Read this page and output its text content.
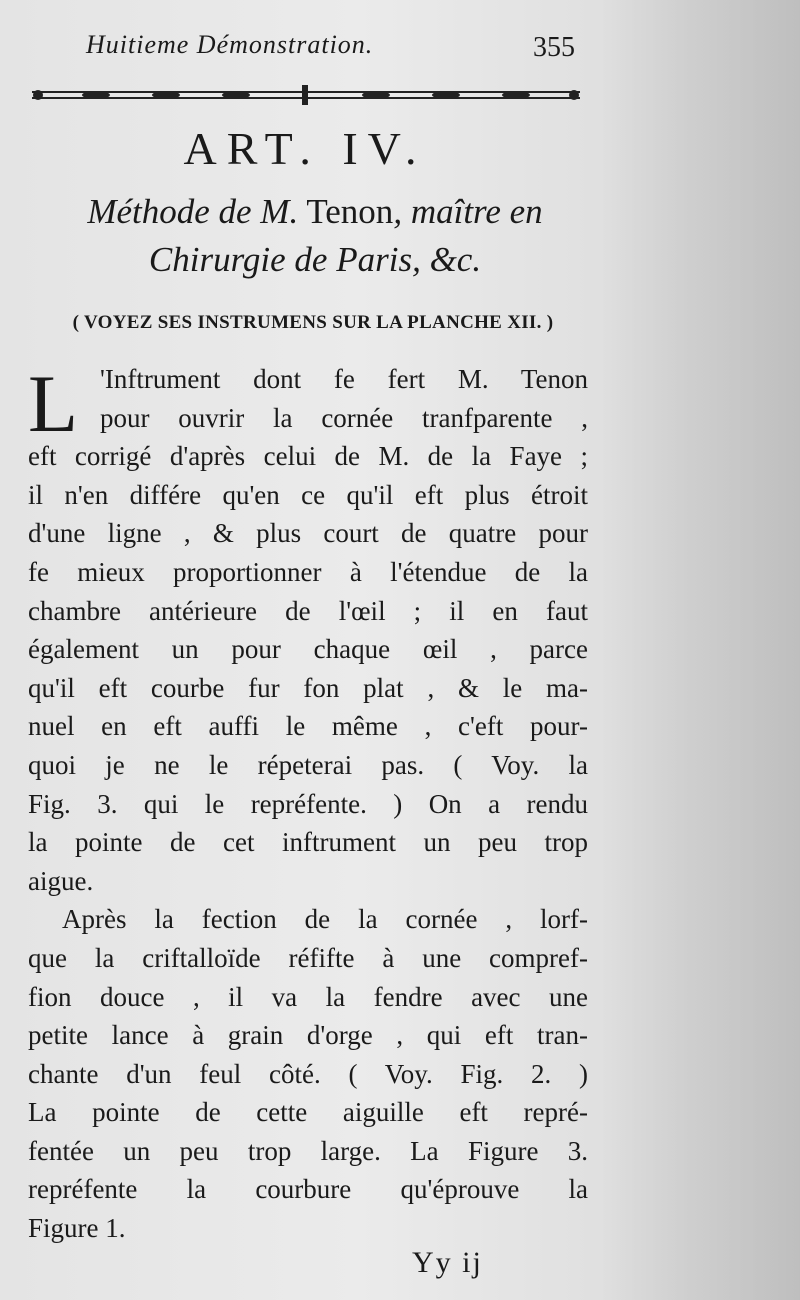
Huitieme Démonstration.	355
ART. IV.
Méthode de M. Tenon, maître en
Chirurgie de Paris, &c.
( VOYEZ SES INSTRUMENS SUR LA PLANCHE XII. )
L 'Inftrument dont fe fert M. Tenon
pour ouvrir la cornée tranfparente ,
eft corrigé d'après celui de M. de la Faye ;
il n'en différe qu'en ce qu'il eft plus étroit
d'une ligne , & plus court de quatre pour
fe mieux proportionner à l'étendue de la
chambre antérieure de l'œil ; il en faut
également un pour chaque œil , parce
qu'il eft courbe fur fon plat , & le ma-
nuel en eft auffi le même , c'eft pour-
quoi je ne le répeterai pas. ( Voy. la
Fig. 3. qui le repréfente. ) On a rendu
la pointe de cet inftrument un peu trop
aigue.
Après la fection de la cornée , lorf-
que la criftalloïde réfifte à une compref-
fion douce , il va la fendre avec une
petite lance à grain d'orge , qui eft tran-
chante d'un feul côté. ( Voy. Fig. 2. )
La pointe de cette aiguille eft repré-
fentée un peu trop large. La Figure 3.
repréfente la courbure qu'éprouve la
Figure 1.
Yy ij
